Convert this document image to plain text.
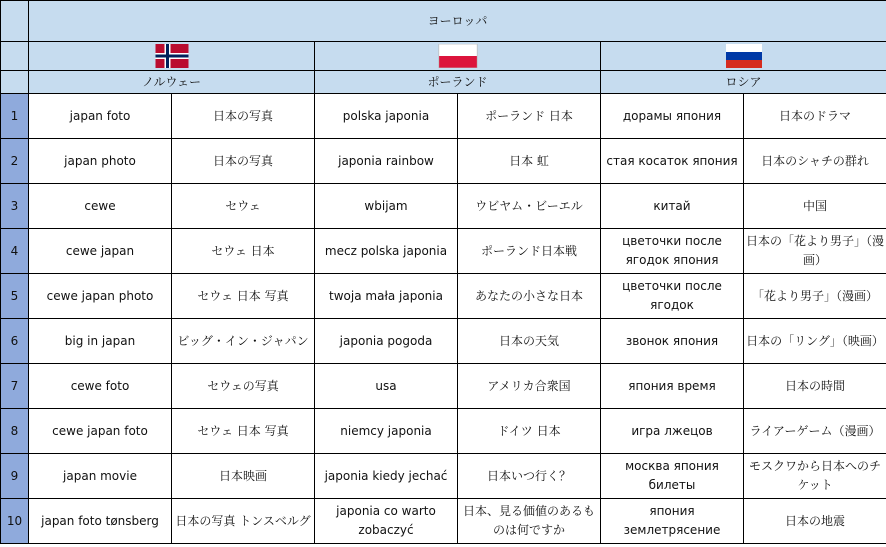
	ヨーロッパ					

	ノルウェー		ポーランド		ロシア	
1	japan foto	日本の写真	polska japonia	ポーランド 日本	дорамы япония	日本のドラマ
2	japan photo	日本の写真	japonia rainbow	日本 虹	стая косаток япония	日本のシャチの群れ
3	cewe	セウェ	wbijam	ウビヤム・ビーエル	китай	中国
4	cewe japan	セウェ 日本	mecz polska japonia	ポーランド日本戦	цветочки после ягодок япония	日本の「花より男子」（漫画）
5	cewe japan photo	セウェ 日本 写真	twoja mała japonia	あなたの小さな日本	цветочки после ягодок	「花より男子」（漫画）
6	big in japan	ビッグ・イン・ジャパン	japonia pogoda	日本の天気	звонок япония	日本の「リング」（映画）
7	cewe foto	セウェの写真	usa	アメリカ合衆国	япония время	日本の時間
8	cewe japan foto	セウェ 日本 写真	niemcy japonia	ドイツ 日本	игра лжецов	ライアーゲーム（漫画）
9	japan movie	日本映画	japonia kiedy jechać	日本いつ行く？	москва япония билеты	モスクワから日本へのチケット
10	japan foto tønsberg	日本の写真 トンスベルグ	japonia co warto zobaczyć	日本、見る価値のあるものは何ですか	япония землетрясение	日本の地震
